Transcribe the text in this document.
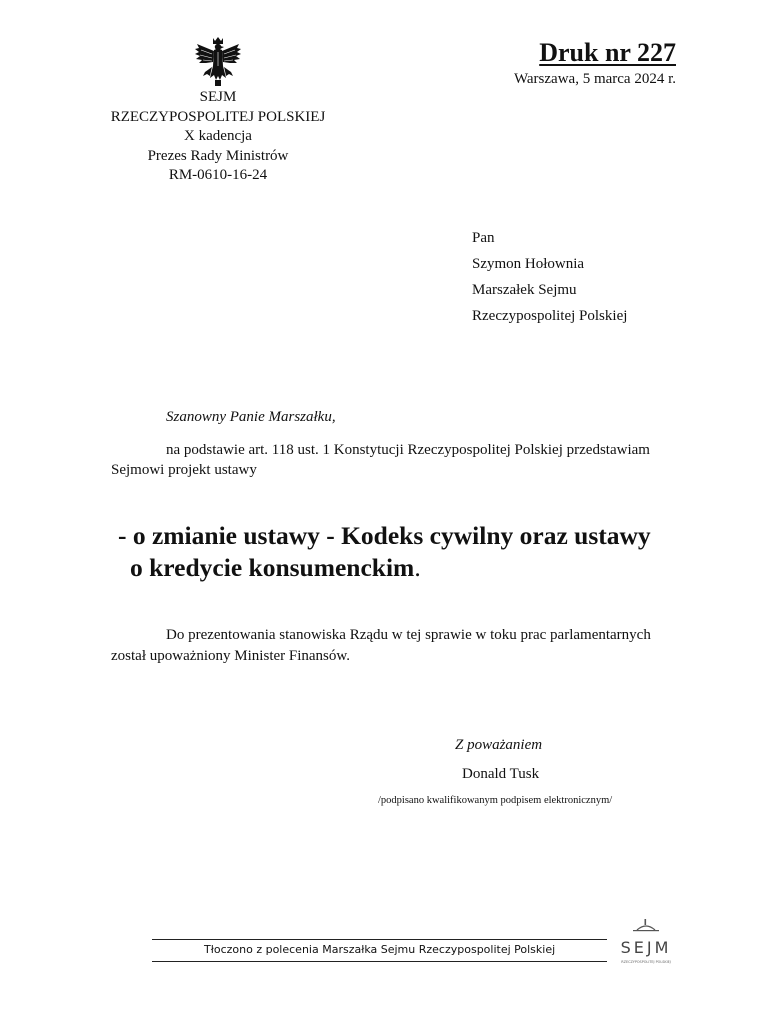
SEJM
RZECZYPOSPOLITEJ POLSKIEJ
X kadencja
Prezes Rady Ministrów
RM-0610-16-24
Druk nr 227
Warszawa, 5 marca 2024 r.
Pan
Szymon Hołownia
Marszałek Sejmu
Rzeczypospolitej Polskiej
Szanowny Panie Marszałku,
na podstawie art. 118 ust. 1 Konstytucji Rzeczypospolitej Polskiej przedstawiam
Sejmowi projekt ustawy
- o zmianie ustawy - Kodeks cywilny oraz ustawy
o kredycie konsumenckim.
Do prezentowania stanowiska Rządu w tej sprawie w toku prac parlamentarnych
został upoważniony Minister Finansów.
Z poważaniem
Donald Tusk
/podpisano kwalifikowanym podpisem elektronicznym/
Tłoczono z polecenia Marszałka Sejmu Rzeczypospolitej Polskiej	SEJM
RZECZYPOSPOLITEJ POLSKIEJ
